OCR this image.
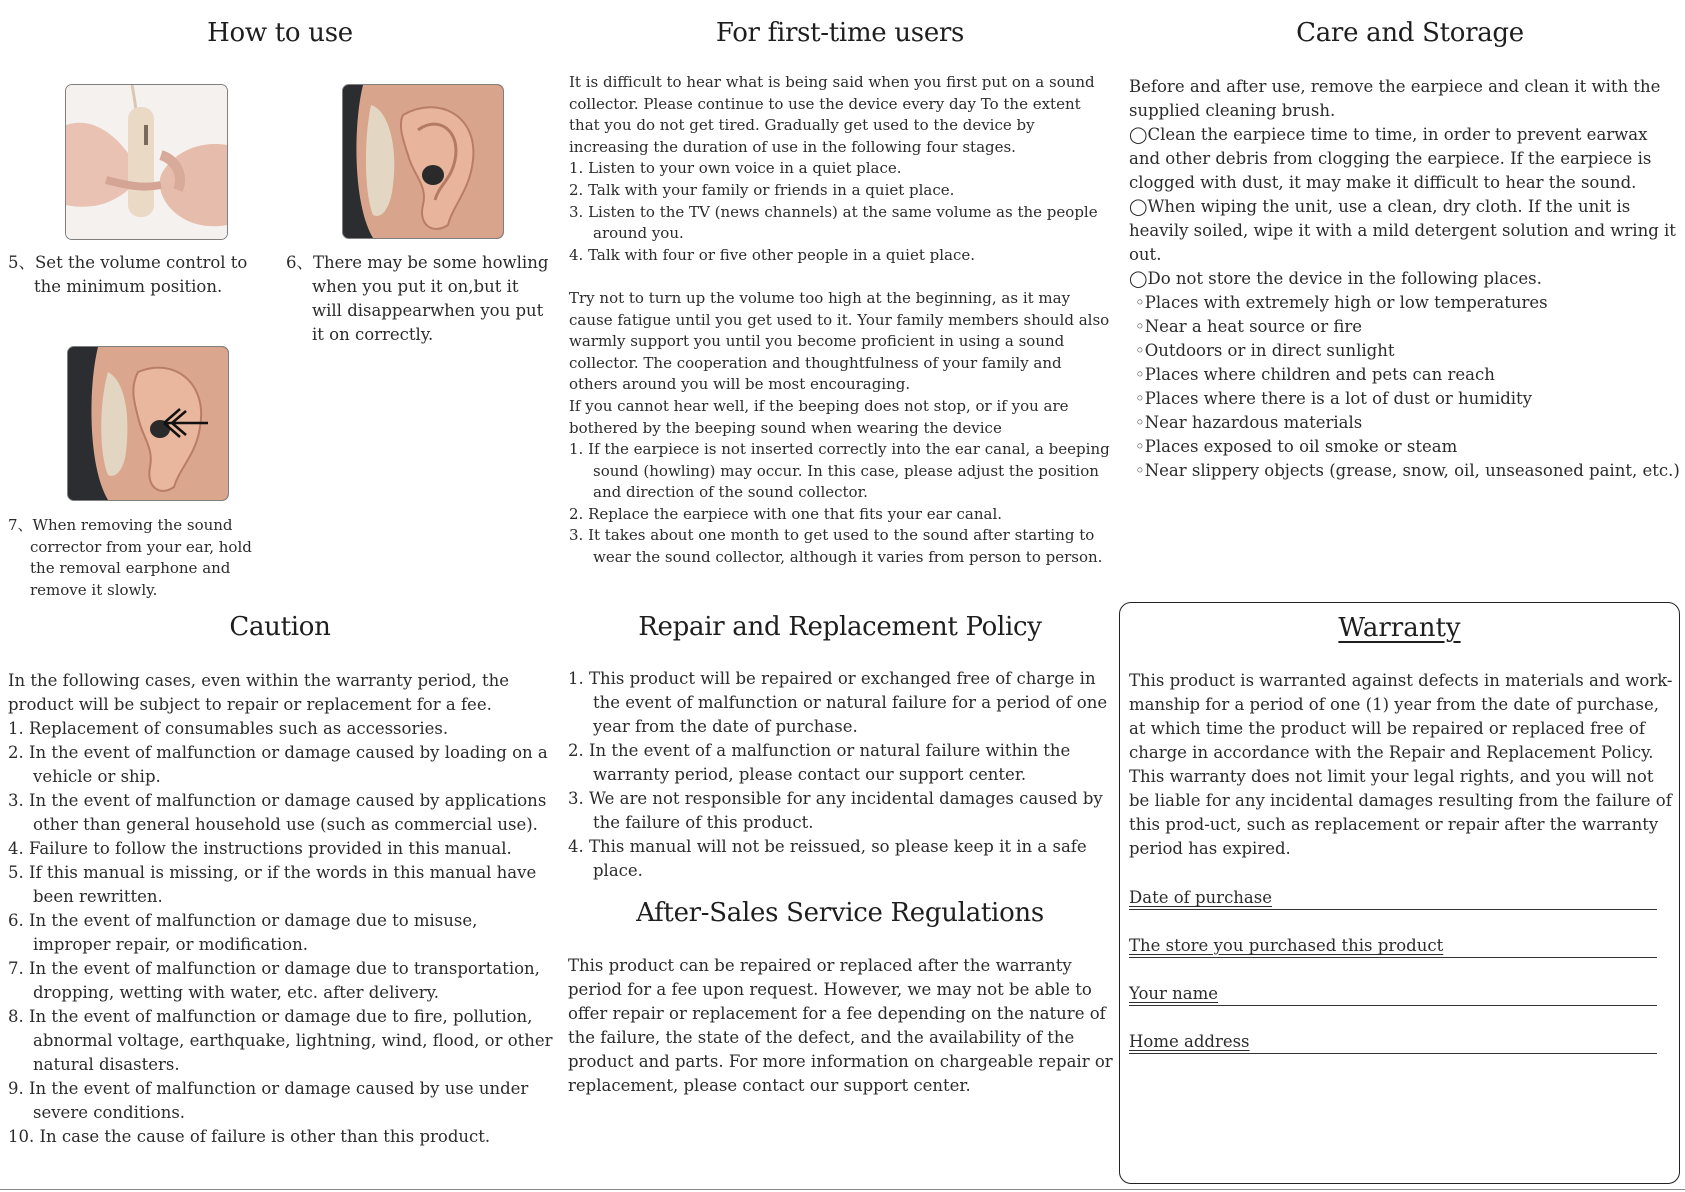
How to use
5、Set the volume control to the minimum position.
6、There may be some howling when you put it on,but it will disappearwhen you put it on correctly.
7、When removing the sound corrector from your ear, hold the removal earphone and remove it slowly.
For first-time users

It is difficult to hear what is being said when you first put on a sound collector. Please continue to use the device every day To the extent that you do not get tired. Gradually get used to the device by increasing the duration of use in the following four stages.

1. Listen to your own voice in a quiet place.
2. Talk with your family or friends in a quiet place.
3. Listen to the TV (news channels) at the same volume as the people around you.
4. Talk with four or five other people in a quiet place.

Try not to turn up the volume too high at the beginning, as it may cause fatigue until you get used to it. Your family members should also warmly support you until you become proficient in using a sound collector. The cooperation and thoughtfulness of your family and others around you will be most encouraging.

If you cannot hear well, if the beeping does not stop, or if you are bothered by the beeping sound when wearing the device

1. If the earpiece is not inserted correctly into the ear canal, a beeping sound (howling) may occur. In this case, please adjust the position and direction of the sound collector.
2. Replace the earpiece with one that fits your ear canal.
3. It takes about one month to get used to the sound after starting to wear the sound collector, although it varies from person to person.
Care and Storage

Before and after use, remove the earpiece and clean it with the supplied cleaning brush.

◯Clean the earpiece time to time, in order to prevent earwax and other debris from clogging the earpiece. If the earpiece is clogged with dust, it may make it difficult to hear the sound.

◯When wiping the unit, use a clean, dry cloth. If the unit is heavily soiled, wipe it with a mild detergent solution and wring it out.

◯Do not store the device in the following places.

◦Places with extremely high or low temperatures

◦Near a heat source or fire

◦Outdoors or in direct sunlight

◦Places where children and pets can reach

◦Places where there is a lot of dust or humidity

◦Near hazardous materials

◦Places exposed to oil smoke or steam

◦Near slippery objects (grease, snow, oil, unseasoned paint, etc.)

Caution

In the following cases, even within the warranty period, the product will be subject to repair or replacement for a fee.

1. Replacement of consumables such as accessories.
2. In the event of malfunction or damage caused by loading on a vehicle or ship.
3. In the event of malfunction or damage caused by applications other than general household use (such as commercial use).
4. Failure to follow the instructions provided in this manual.
5. If this manual is missing, or if the words in this manual have been rewritten.
6. In the event of malfunction or damage due to misuse, improper repair, or modification.
7. In the event of malfunction or damage due to transportation, dropping, wetting with water, etc. after delivery.
8. In the event of malfunction or damage due to fire, pollution, abnormal voltage, earthquake, lightning, wind, flood, or other natural disasters.
9. In the event of malfunction or damage caused by use under severe conditions.
10. In case the cause of failure is other than this product.
Repair and Replacement Policy
1. This product will be repaired or exchanged free of charge in the event of malfunction or natural failure for a period of one year from the date of purchase.
2. In the event of a malfunction or natural failure within the warranty period, please contact our support center.
3. We are not responsible for any incidental damages caused by the failure of this product.
4. This manual will not be reissued, so please keep it in a safe place.
After-Sales Service Regulations

This product can be repaired or replaced after the warranty period for a fee upon request. However, we may not be able to offer repair or replacement for a fee depending on the nature of the failure, the state of the defect, and the availability of the product and parts. For more information on chargeable repair or replacement, please contact our support center.

Warranty
This product is warranted against defects in materials and work-manship for a period of one (1) year from the date of purchase, at which time the product will be repaired or replaced free of charge in accordance with the Repair and Replacement Policy. This warranty does not limit your legal rights, and you will not be liable for any incidental damages resulting from the failure of this prod-uct, such as replacement or repair after the warranty period has expired.
Date of purchase
The store you purchased this product
Your name
Home address
